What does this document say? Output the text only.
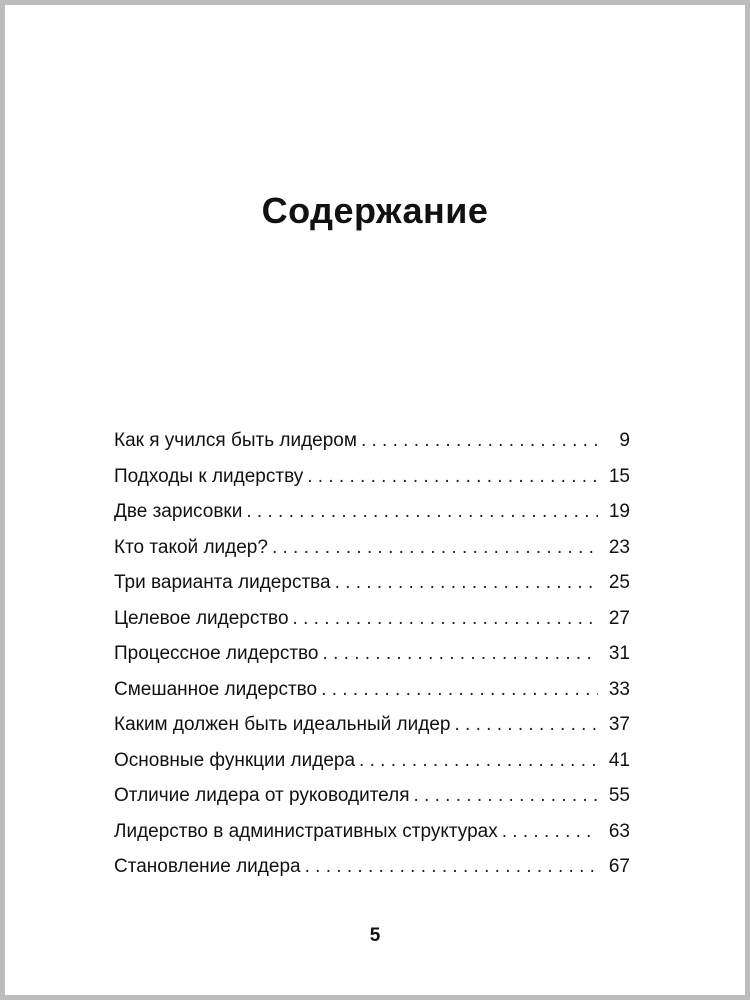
Содержание
Как я учился быть лидером . . .	9
Подходы к лидерству . . .	15
Две зарисовки . . .	19
Кто такой лидер? . . .	23
Три варианта лидерства . . .	25
Целевое лидерство . . .	27
Процессное лидерство . . .	31
Смешанное лидерство . . .	33
Каким должен быть идеальный лидер . . .	37
Основные функции лидера . . .	41
Отличие лидера от руководителя . . .	55
Лидерство в административных структурах . . .	63
Становление лидера . . .	67
5
